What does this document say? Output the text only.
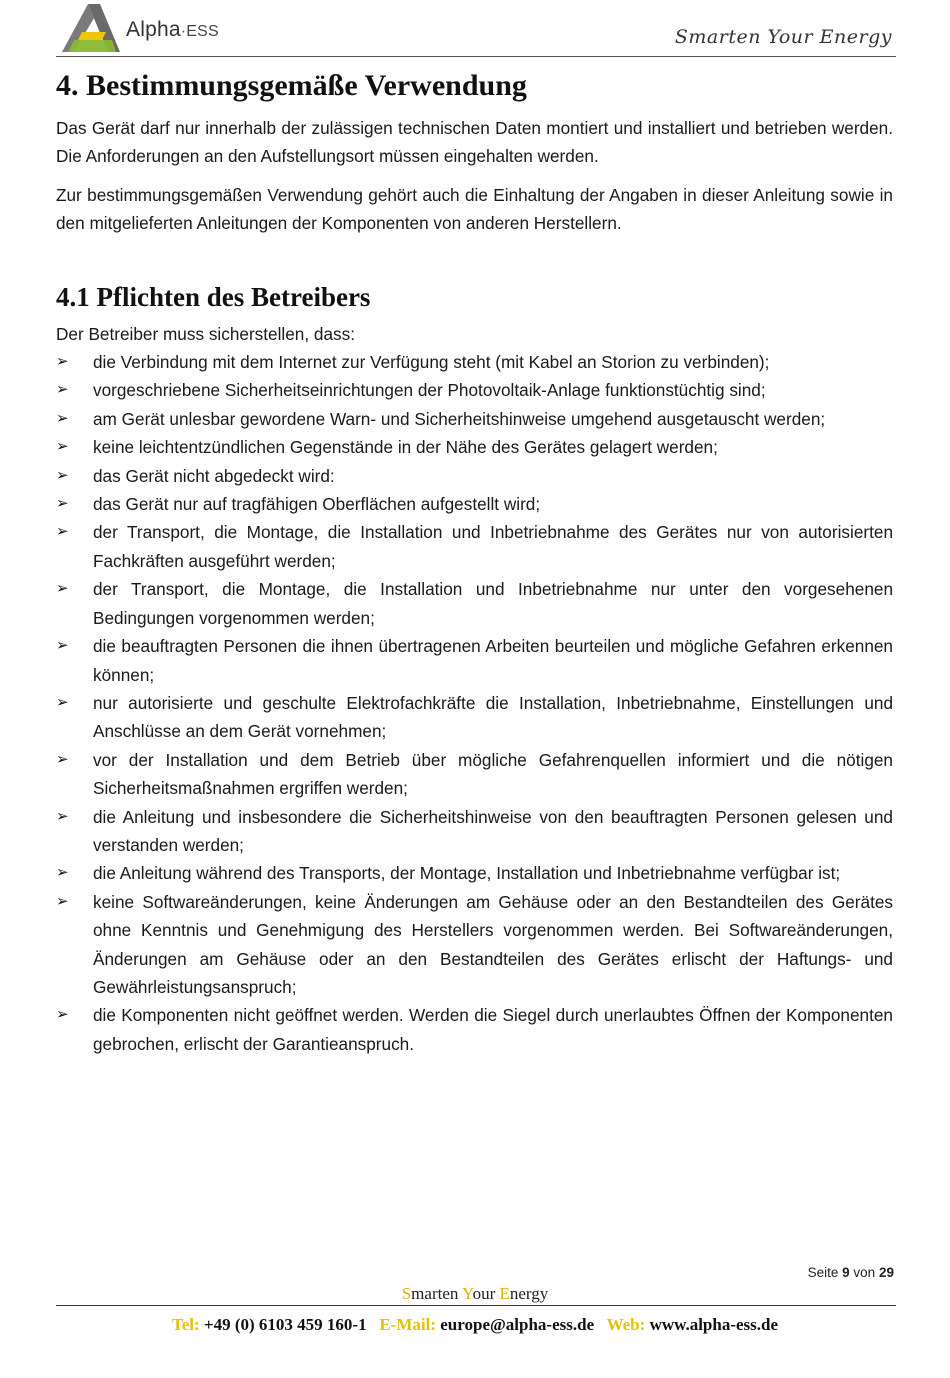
Alpha·ESS	Smarten Your Energy
4. Bestimmungsgemäße Verwendung

Das Gerät darf nur innerhalb der zulässigen technischen Daten montiert und installiert und betrieben werden. Die Anforderungen an den Aufstellungsort müssen eingehalten werden.

Zur bestimmungsgemäßen Verwendung gehört auch die Einhaltung der Angaben in dieser Anleitung sowie in den mitgelieferten Anleitungen der Komponenten von anderen Herstellern.

4.1 Pflichten des Betreibers

Der Betreiber muss sicherstellen, dass:

➢ die Verbindung mit dem Internet zur Verfügung steht (mit Kabel an Storion zu verbinden);
➢ vorgeschriebene Sicherheitseinrichtungen der Photovoltaik-Anlage funktionstüchtig sind;
➢ am Gerät unlesbar gewordene Warn- und Sicherheitshinweise umgehend ausgetauscht werden;
➢ keine leichtentzündlichen Gegenstände in der Nähe des Gerätes gelagert werden;
➢ das Gerät nicht abgedeckt wird:
➢ das Gerät nur auf tragfähigen Oberflächen aufgestellt wird;
➢ der Transport, die Montage, die Installation und Inbetriebnahme des Gerätes nur von autorisierten Fachkräften ausgeführt werden;
➢ der Transport, die Montage, die Installation und Inbetriebnahme nur unter den vorgesehenen Bedingungen vorgenommen werden;
➢ die beauftragten Personen die ihnen übertragenen Arbeiten beurteilen und mögliche Gefahren erkennen können;
➢ nur autorisierte und geschulte Elektrofachkräfte die Installation, Inbetriebnahme, Einstellungen und Anschlüsse an dem Gerät vornehmen;
➢ vor der Installation und dem Betrieb über mögliche Gefahrenquellen informiert und die nötigen Sicherheitsmaßnahmen ergriffen werden;
➢ die Anleitung und insbesondere die Sicherheitshinweise von den beauftragten Personen gelesen und verstanden werden;
➢ die Anleitung während des Transports, der Montage, Installation und Inbetriebnahme verfügbar ist;
➢ keine Softwareänderungen, keine Änderungen am Gehäuse oder an den Bestandteilen des Gerätes ohne Kenntnis und Genehmigung des Herstellers vorgenommen werden. Bei Softwareänderungen, Änderungen am Gehäuse oder an den Bestandteilen des Gerätes erlischt der Haftungs- und Gewährleistungsanspruch;
➢ die Komponenten nicht geöffnet werden. Werden die Siegel durch unerlaubtes Öffnen der Komponenten gebrochen, erlischt der Garantieanspruch.
Seite 9 von 29
Smarten Your Energy
Tel: +49 (0) 6103 459 160-1 E-Mail: europe@alpha-ess.de Web: www.alpha-ess.de
